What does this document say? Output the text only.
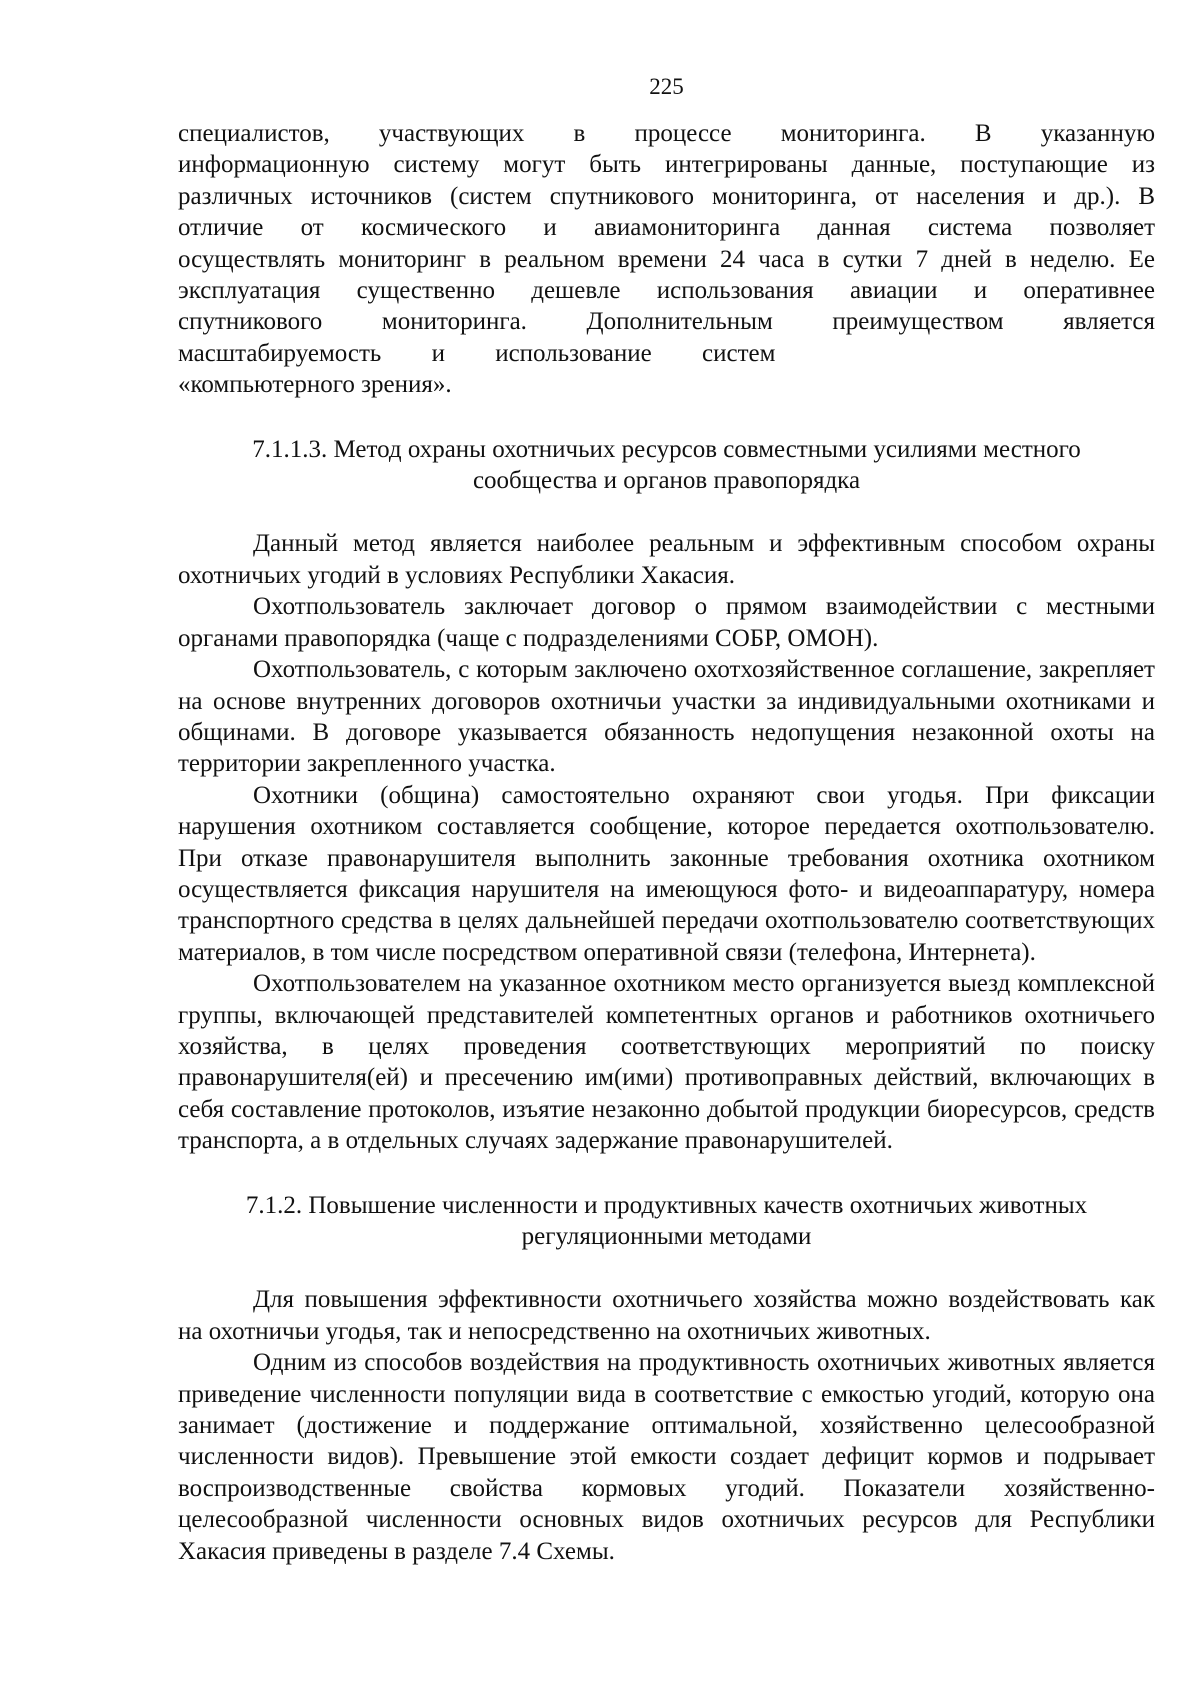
225

специалистов, участвующих в процессе мониторинга. В указанную

информационную систему могут быть интегрированы данные, поступающие из

различных источников (систем спутникового мониторинга, от населения и др.). В

отличие от космического и авиамониторинга данная система позволяет

осуществлять мониторинг в реальном времени 24 часа в сутки 7 дней в неделю. Ее

эксплуатация существенно дешевле использования авиации и оперативнее

спутникового мониторинга. Дополнительным преимуществом является

масштабируемость и использование систем

«компьютерного зрения».

7.1.1.3. Метод охраны охотничьих ресурсов совместными усилиями местного
сообщества и органов правопорядка

Данный метод является наиболее реальным и эффективным способом охраны охотничьих угодий в условиях Республики Хакасия.

Охотпользователь заключает договор о прямом взаимодействии с местными органами правопорядка (чаще с подразделениями СОБР, ОМОН).

Охотпользователь, с которым заключено охотхозяйственное соглашение, закрепляет на основе внутренних договоров охотничьи участки за индивидуальными охотниками и общинами. В договоре указывается обязанность недопущения незаконной охоты на территории закрепленного участка.

Охотники (община) самостоятельно охраняют свои угодья. При фиксации нарушения охотником составляется сообщение, которое передается охотпользователю. При отказе правонарушителя выполнить законные требования охотника охотником осуществляется фиксация нарушителя на имеющуюся фото- и видеоаппаратуру, номера транспортного средства в целях дальнейшей передачи охотпользователю соответствующих материалов, в том числе посредством оперативной связи (телефона, Интернета).

Охотпользователем на указанное охотником место организуется выезд комплексной группы, включающей представителей компетентных органов и работников охотничьего хозяйства, в целях проведения соответствующих мероприятий по поиску правонарушителя(ей) и пресечению им(ими) противоправных действий, включающих в себя составление протоколов, изъятие незаконно добытой продукции биоресурсов, средств транспорта, а в отдельных случаях задержание правонарушителей.

7.1.2. Повышение численности и продуктивных качеств охотничьих животных
регуляционными методами

Для повышения эффективности охотничьего хозяйства можно воздействовать как на охотничьи угодья, так и непосредственно на охотничьих животных.

Одним из способов воздействия на продуктивность охотничьих животных является приведение численности популяции вида в соответствие с емкостью угодий, которую она занимает (достижение и поддержание оптимальной, хозяйственно целесообразной численности видов). Превышение этой емкости создает дефицит кормов и подрывает воспроизводственные свойства кормовых угодий. Показатели хозяйственно-целесообразной численности основных видов охотничьих ресурсов для Республики Хакасия приведены в разделе 7.4 Схемы.
